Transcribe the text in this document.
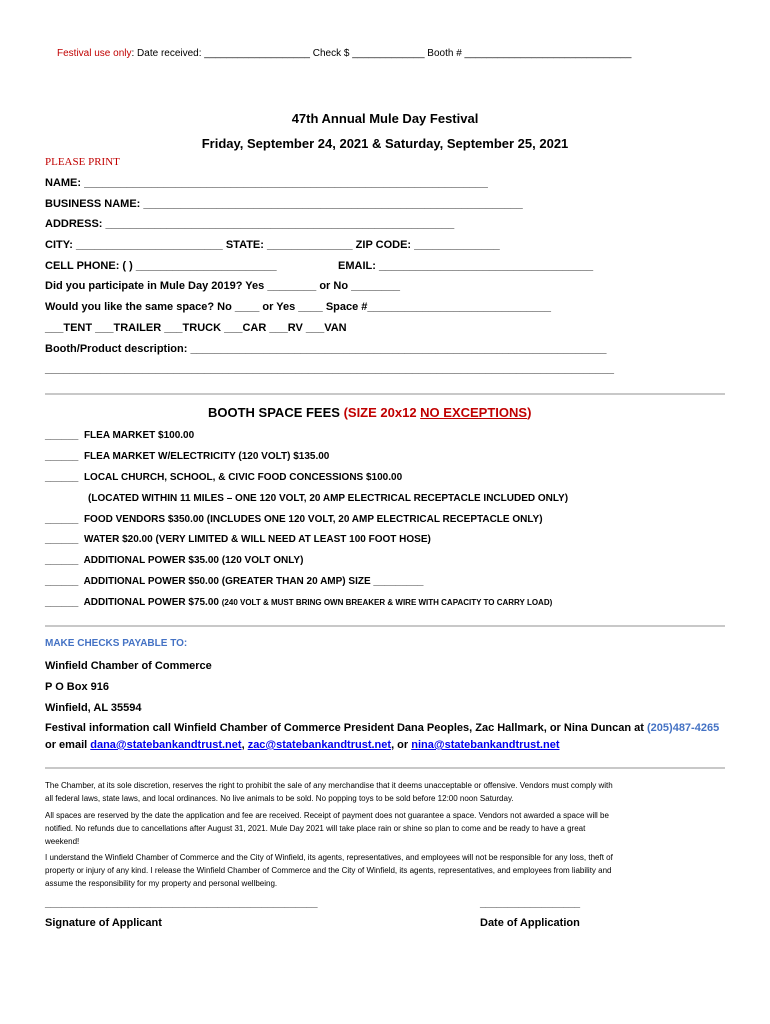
Festival use only: Date received: ___________________ Check $ _____________ Booth # ______________________________
47th Annual Mule Day Festival
Friday, September 24, 2021 & Saturday, September 25, 2021
PLEASE PRINT
NAME: __________________________________________________________________
BUSINESS NAME: ______________________________________________________________
ADDRESS: _________________________________________________________
CITY: ________________________ STATE: ______________ ZIP CODE: ______________
CELL PHONE: ( ) _______________________	EMAIL: ___________________________________
Did you participate in Mule Day 2019? Yes ________ or No ________
Would you like the same space? No ____ or Yes ____ Space #______________________________
___TENT ___TRAILER ___TRUCK ___CAR ___RV ___VAN
Booth/Product description: ____________________________________________________________________
_____________________________________________________________________________________________
BOOTH SPACE FEES (SIZE 20x12 NO EXCEPTIONS)
______ FLEA MARKET $100.00
______ FLEA MARKET W/ELECTRICITY (120 VOLT) $135.00
______ LOCAL CHURCH, SCHOOL, & CIVIC FOOD CONCESSIONS $100.00
(LOCATED WITHIN 11 MILES – ONE 120 VOLT, 20 AMP ELECTRICAL RECEPTACLE INCLUDED ONLY)
______ FOOD VENDORS $350.00 (INCLUDES ONE 120 VOLT, 20 AMP ELECTRICAL RECEPTACLE ONLY)
______ WATER $20.00 (VERY LIMITED & WILL NEED AT LEAST 100 FOOT HOSE)
______ ADDITIONAL POWER $35.00 (120 VOLT ONLY)
______ ADDITIONAL POWER $50.00 (GREATER THAN 20 AMP) SIZE _________
______ ADDITIONAL POWER $75.00 (240 VOLT & MUST BRING OWN BREAKER & WIRE WITH CAPACITY TO CARRY LOAD)
MAKE CHECKS PAYABLE TO:
Winfield Chamber of Commerce
P O Box 916
Winfield, AL 35594
Festival information call Winfield Chamber of Commerce President Dana Peoples, Zac Hallmark, or Nina Duncan at (205)487-4265
or email dana@statebankandtrust.net, zac@statebankandtrust.net, or nina@statebankandtrust.net
The Chamber, at its sole discretion, reserves the right to prohibit the sale of any merchandise that it deems unacceptable or offensive. Vendors must comply with
all federal laws, state laws, and local ordinances. No live animals to be sold. No popping toys to be sold before 12:00 noon Saturday.
All spaces are reserved by the date the application and fee are received. Receipt of payment does not guarantee a space. Vendors not awarded a space will be
notified. No refunds due to cancellations after August 31, 2021. Mule Day 2021 will take place rain or shine so plan to come and be ready to have a great
weekend!
I understand the Winfield Chamber of Commerce and the City of Winfield, its agents, representatives, and employees will not be responsible for any loss, theft of
property or injury of any kind. I release the Winfield Chamber of Commerce and the City of Winfield, its agents, representatives, and employees from liability and
assume the responsibility for my property and personal wellbeing.
_________________________________________________	__________________
Signature of Applicant	Date of Application
